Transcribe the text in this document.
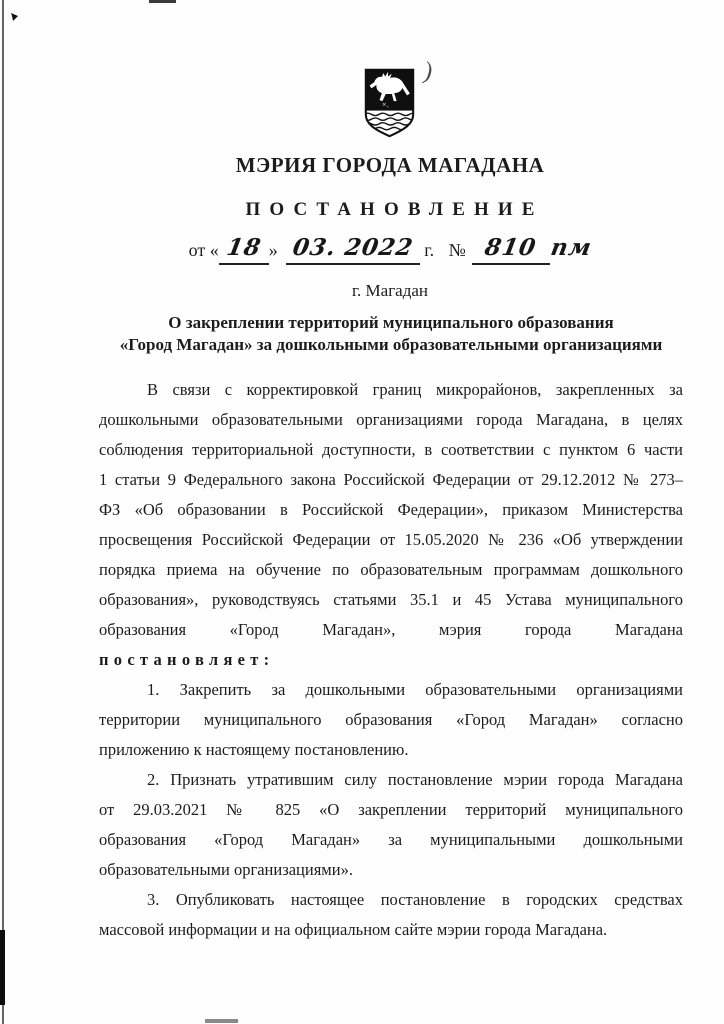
)
× ₓ
МЭРИЯ ГОРОДА МАГАДАНА
ПОСТАНОВЛЕНИЕ
от « 18 » 03. 2022 г. № 810 пм
г. Магадан
О закреплении территорий муниципального образования
«Город Магадан» за дошкольными образовательными организациями
В связи с корректировкой границ микрорайонов, закрепленных за
дошкольными образовательными организациями города Магадана, в целях
соблюдения территориальной доступности, в соответствии с пунктом 6 части
1 статьи 9 Федерального закона Российской Федерации от 29.12.2012 № 273–
ФЗ «Об образовании в Российской Федерации», приказом Министерства
просвещения Российской Федерации от 15.05.2020 № 236 «Об утверждении
порядка приема на обучение по образовательным программам дошкольного
образования», руководствуясь статьями 35.1 и 45 Устава муниципального
образования «Город Магадан», мэрия города Магадана
постановляет:
1. Закрепить за дошкольными образовательными организациями
территории муниципального образования «Город Магадан» согласно
приложению к настоящему постановлению.
2. Признать утратившим силу постановление мэрии города Магадана
от 29.03.2021 № 825 «О закреплении территорий муниципального
образования «Город Магадан» за муниципальными дошкольными
образовательными организациями».
3. Опубликовать настоящее постановление в городских средствах
массовой информации и на официальном сайте мэрии города Магадана.
